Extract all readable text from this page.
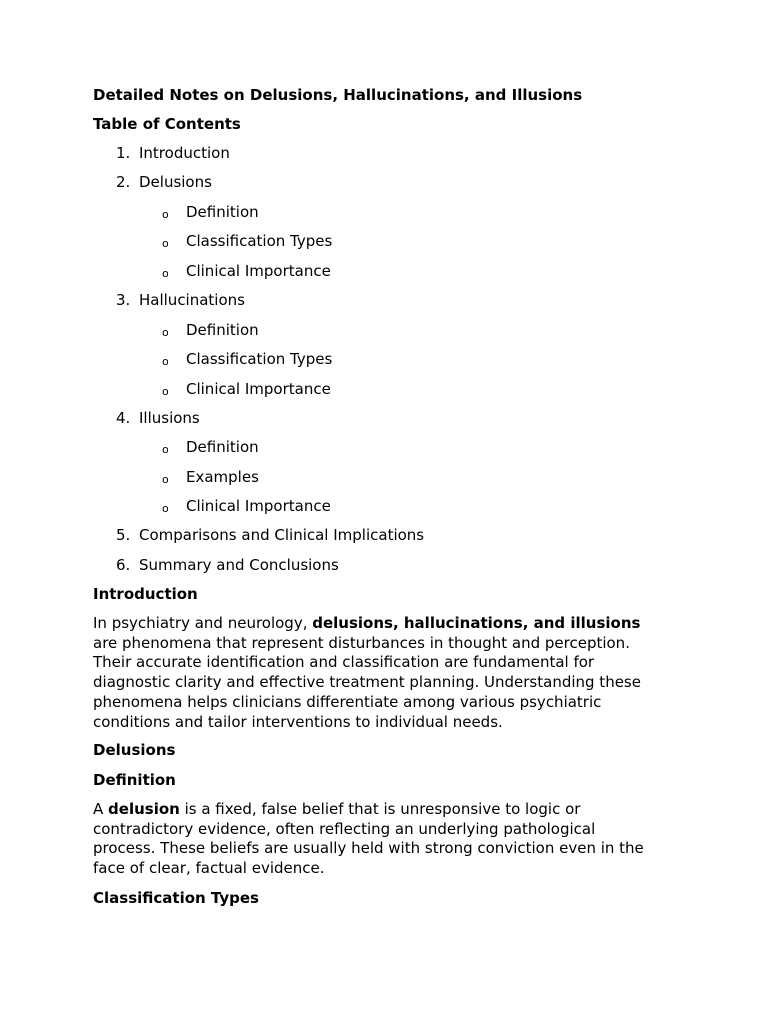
Detailed Notes on Delusions, Hallucinations, and Illusions
Table of Contents
1. Introduction
2. Delusions
o Definition
o Classification Types
o Clinical Importance
3. Hallucinations
o Definition
o Classification Types
o Clinical Importance
4. Illusions
o Definition
o Examples
o Clinical Importance
5. Comparisons and Clinical Implications
6. Summary and Conclusions
Introduction
In psychiatry and neurology, delusions, hallucinations, and illusions
are phenomena that represent disturbances in thought and perception.
Their accurate identification and classification are fundamental for
diagnostic clarity and effective treatment planning. Understanding these
phenomena helps clinicians differentiate among various psychiatric
conditions and tailor interventions to individual needs.
Delusions
Definition
A delusion is a fixed, false belief that is unresponsive to logic or
contradictory evidence, often reflecting an underlying pathological
process. These beliefs are usually held with strong conviction even in the
face of clear, factual evidence.
Classification Types
